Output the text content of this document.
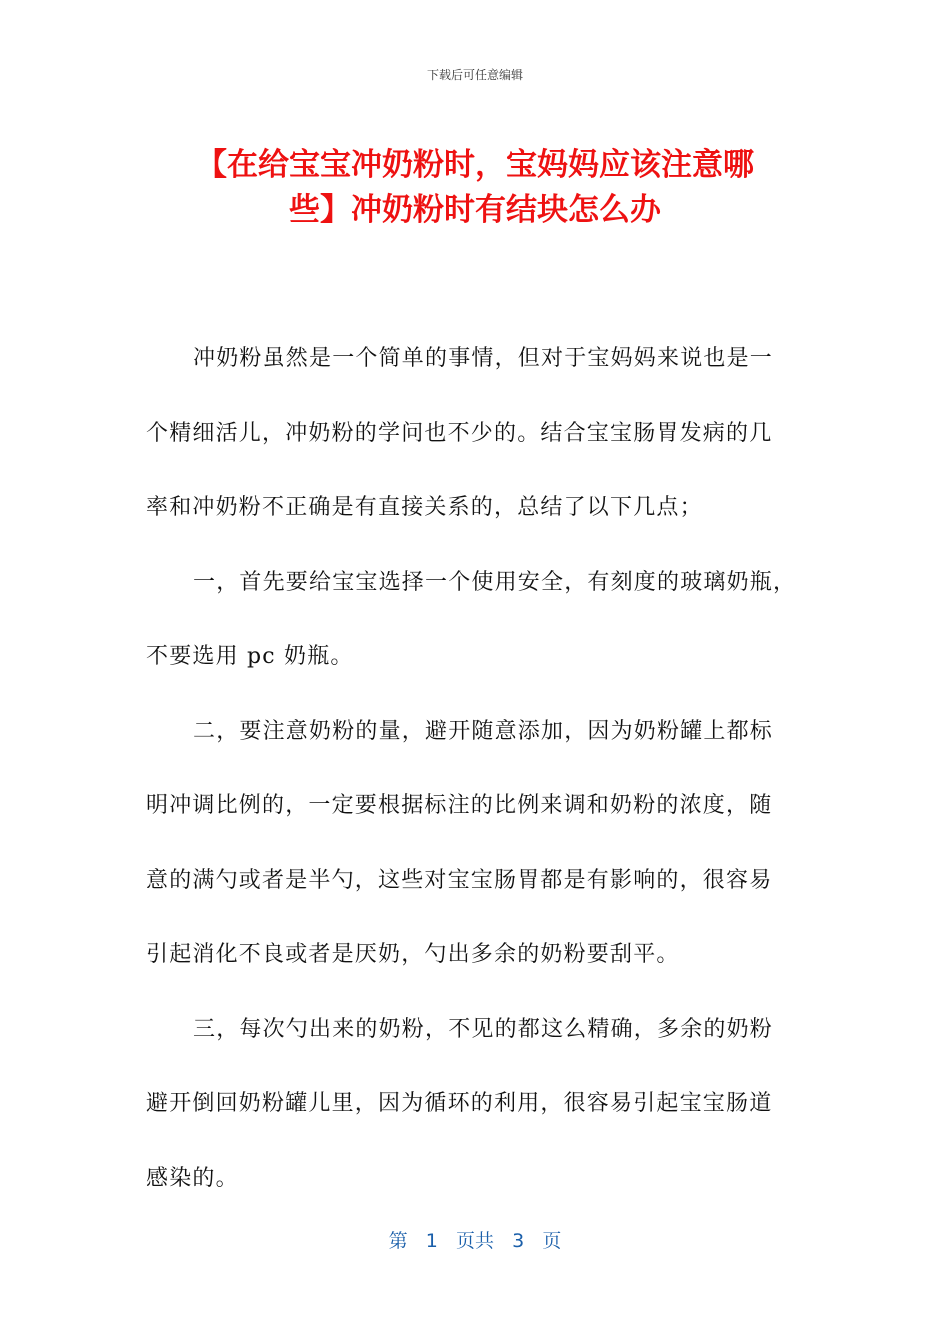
下载后可任意编辑
【在给宝宝冲奶粉时，宝妈妈应该注意哪
些】冲奶粉时有结块怎么办
冲奶粉虽然是一个简单的事情，但对于宝妈妈来说也是一
个精细活儿，冲奶粉的学问也不少的。结合宝宝肠胃发病的几
率和冲奶粉不正确是有直接关系的，总结了以下几点；
一，首先要给宝宝选择一个使用安全，有刻度的玻璃奶瓶，
不要选用 pc 奶瓶。
二，要注意奶粉的量，避开随意添加，因为奶粉罐上都标
明冲调比例的，一定要根据标注的比例来调和奶粉的浓度，随
意的满勺或者是半勺，这些对宝宝肠胃都是有影响的，很容易
引起消化不良或者是厌奶，勺出多余的奶粉要刮平。
三，每次勺出来的奶粉，不见的都这么精确，多余的奶粉
避开倒回奶粉罐儿里，因为循环的利用，很容易引起宝宝肠道
感染的。
第 1 页共 3 页
